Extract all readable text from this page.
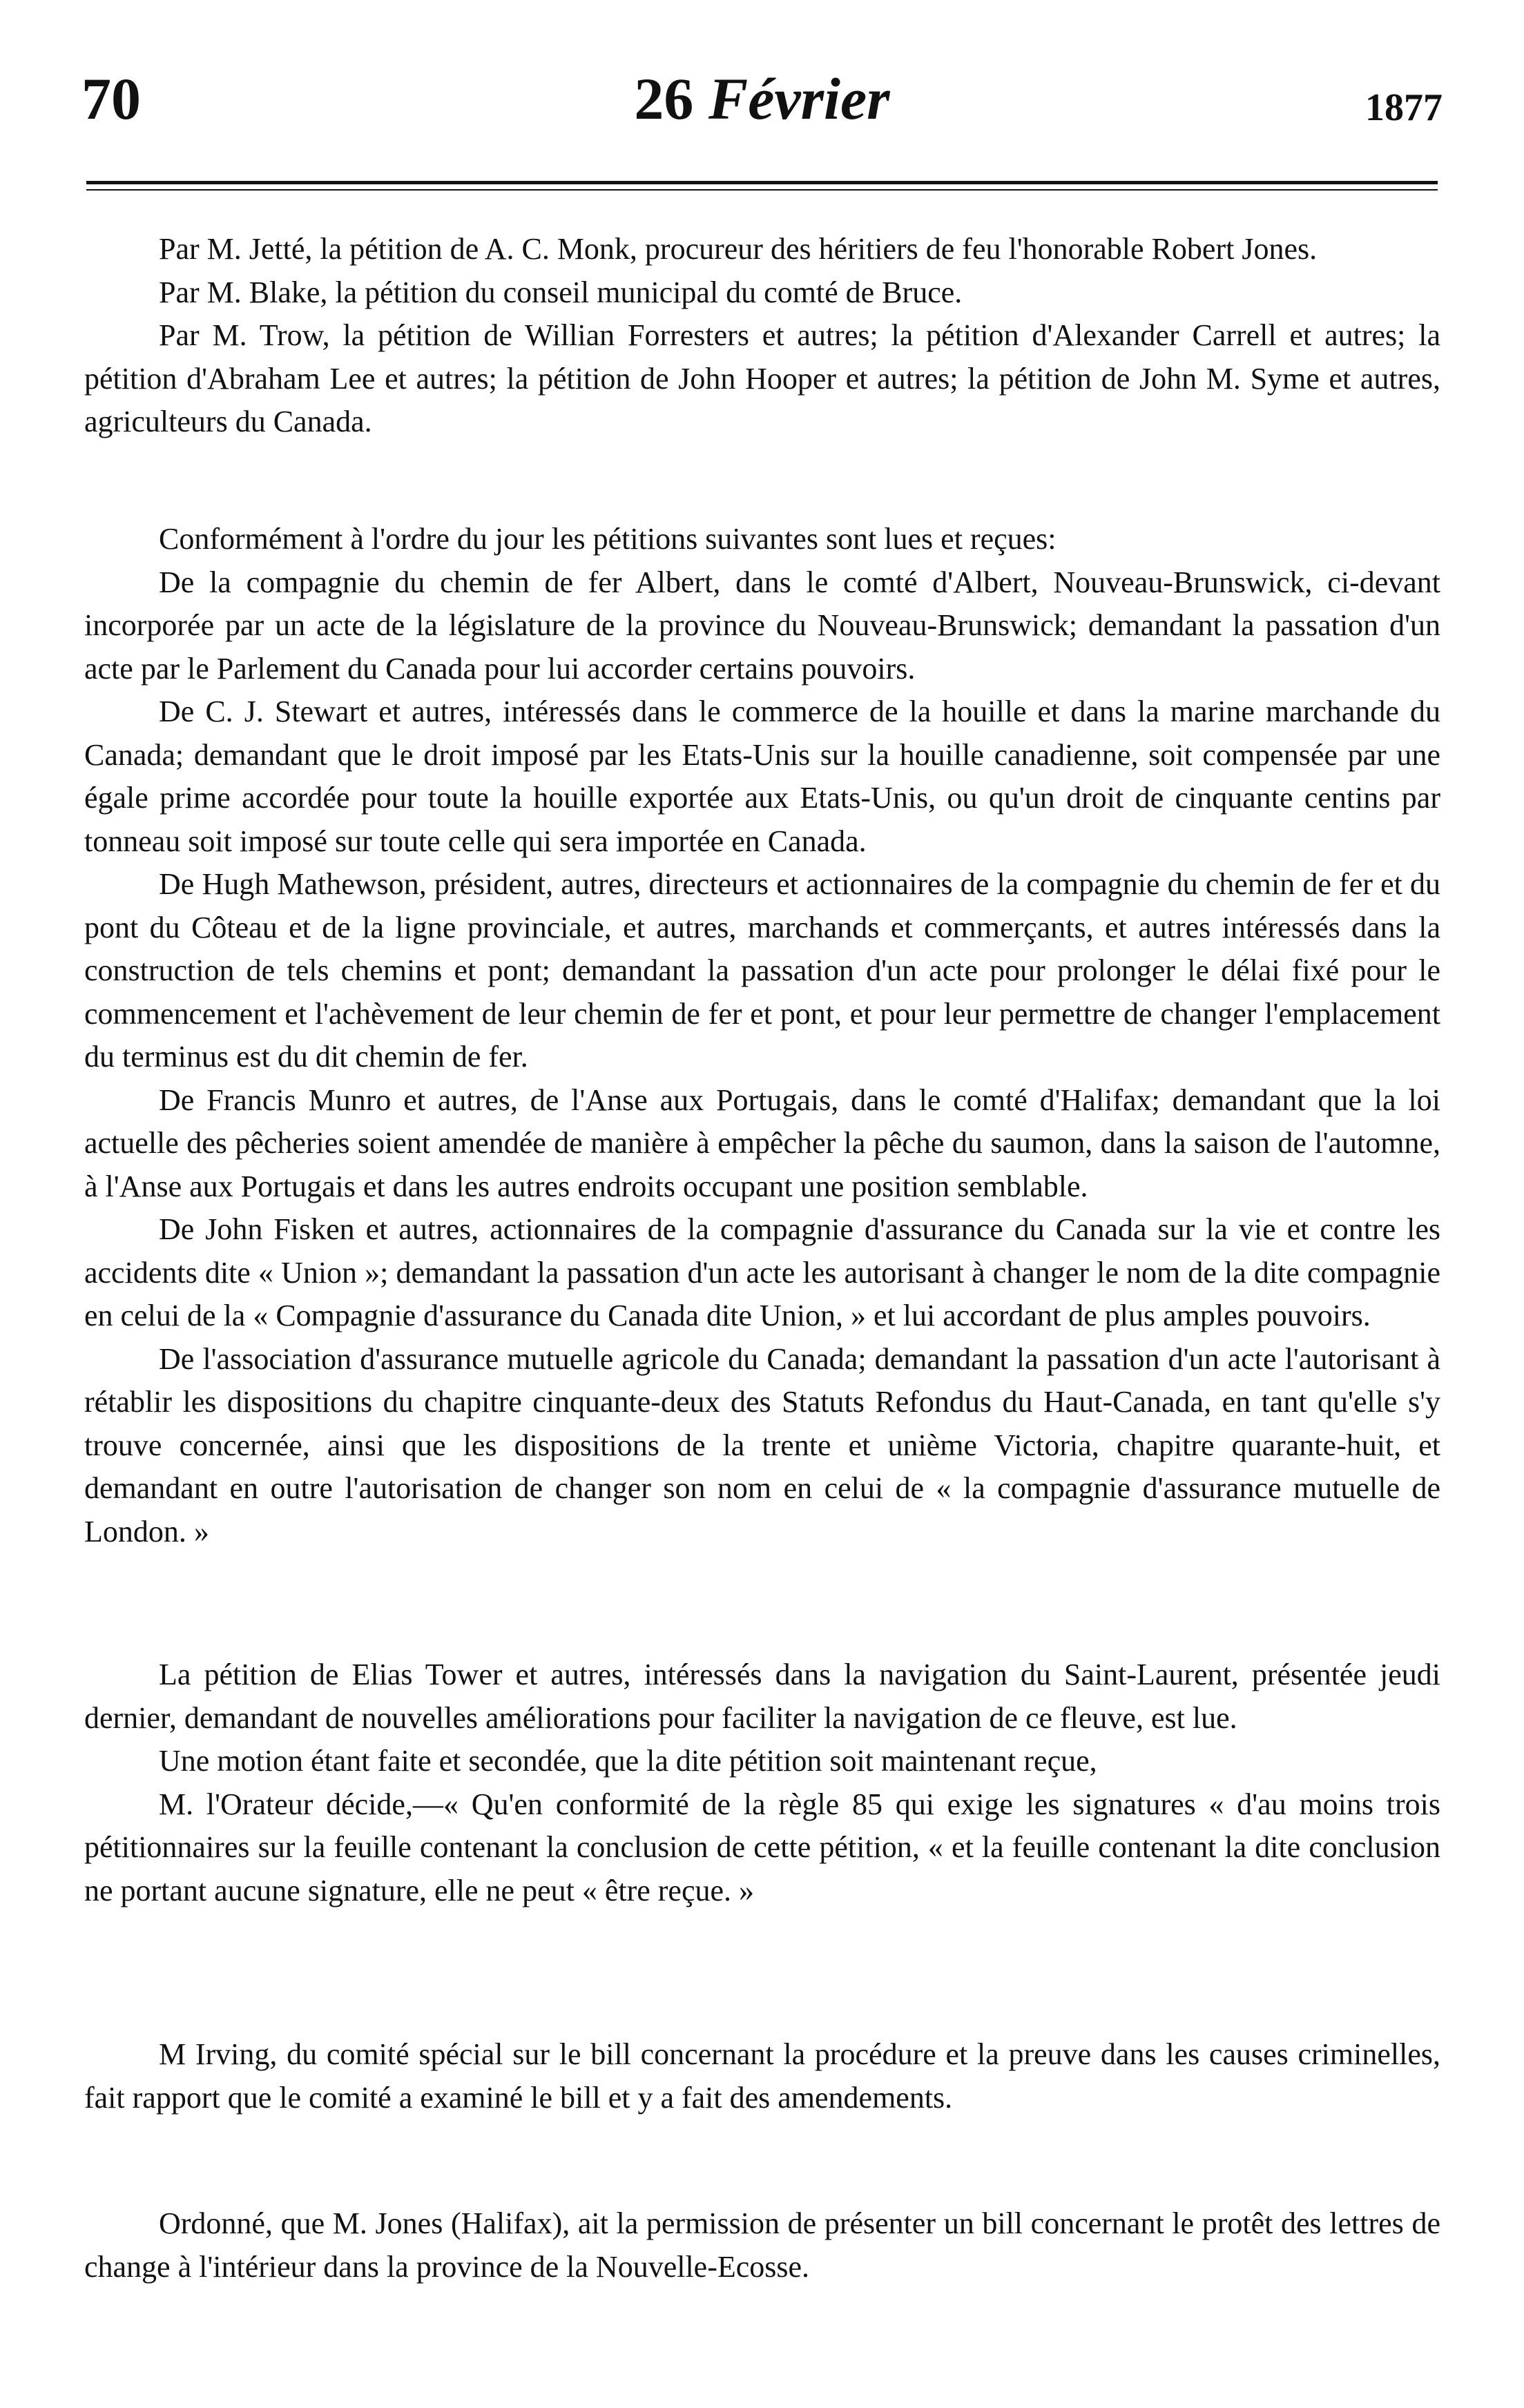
70	26 Février	1877

Par M. Jetté, la pétition de A. C. Monk, procureur des héritiers de feu l'honorable Robert Jones.

Par M. Blake, la pétition du conseil municipal du comté de Bruce.

Par M. Trow, la pétition de Willian Forresters et autres; la pétition d'Alexander Carrell et autres; la pétition d'Abraham Lee et autres; la pétition de John Hooper et autres; la pétition de John M. Syme et autres, agriculteurs du Canada.

Conformément à l'ordre du jour les pétitions suivantes sont lues et reçues:

De la compagnie du chemin de fer Albert, dans le comté d'Albert, Nouveau-Brunswick, ci-devant incorporée par un acte de la législature de la province du Nouveau-Brunswick; demandant la passation d'un acte par le Parlement du Canada pour lui accorder certains pouvoirs.

De C. J. Stewart et autres, intéressés dans le commerce de la houille et dans la marine marchande du Canada; demandant que le droit imposé par les Etats-Unis sur la houille canadienne, soit compensée par une égale prime accordée pour toute la houille exportée aux Etats-Unis, ou qu'un droit de cinquante centins par tonneau soit imposé sur toute celle qui sera importée en Canada.

De Hugh Mathewson, président, autres, directeurs et actionnaires de la compagnie du chemin de fer et du pont du Côteau et de la ligne provinciale, et autres, marchands et commerçants, et autres intéressés dans la construction de tels chemins et pont; demandant la passation d'un acte pour prolonger le délai fixé pour le commencement et l'achèvement de leur chemin de fer et pont, et pour leur permettre de changer l'emplacement du terminus est du dit chemin de fer.

De Francis Munro et autres, de l'Anse aux Portugais, dans le comté d'Halifax; demandant que la loi actuelle des pêcheries soient amendée de manière à empêcher la pêche du saumon, dans la saison de l'automne, à l'Anse aux Portugais et dans les autres endroits occupant une position semblable.

De John Fisken et autres, actionnaires de la compagnie d'assurance du Canada sur la vie et contre les accidents dite « Union »; demandant la passation d'un acte les autorisant à changer le nom de la dite compagnie en celui de la « Compagnie d'assurance du Canada dite Union, » et lui accordant de plus amples pouvoirs.

De l'association d'assurance mutuelle agricole du Canada; demandant la passation d'un acte l'autorisant à rétablir les dispositions du chapitre cinquante-deux des Statuts Refondus du Haut-Canada, en tant qu'elle s'y trouve concernée, ainsi que les dispositions de la trente et unième Victoria, chapitre quarante-huit, et demandant en outre l'autorisation de changer son nom en celui de « la compagnie d'assurance mutuelle de London. »

La pétition de Elias Tower et autres, intéressés dans la navigation du Saint-Laurent, présentée jeudi dernier, demandant de nouvelles améliorations pour faciliter la navigation de ce fleuve, est lue.

Une motion étant faite et secondée, que la dite pétition soit maintenant reçue,

M. l'Orateur décide,—« Qu'en conformité de la règle 85 qui exige les signatures « d'au moins trois pétitionnaires sur la feuille contenant la conclusion de cette pétition, « et la feuille contenant la dite conclusion ne portant aucune signature, elle ne peut « être reçue. »

M Irving, du comité spécial sur le bill concernant la procédure et la preuve dans les causes criminelles, fait rapport que le comité a examiné le bill et y a fait des amendements.

Ordonné, que M. Jones (Halifax), ait la permission de présenter un bill concernant le protêt des lettres de change à l'intérieur dans la province de la Nouvelle-Ecosse.
